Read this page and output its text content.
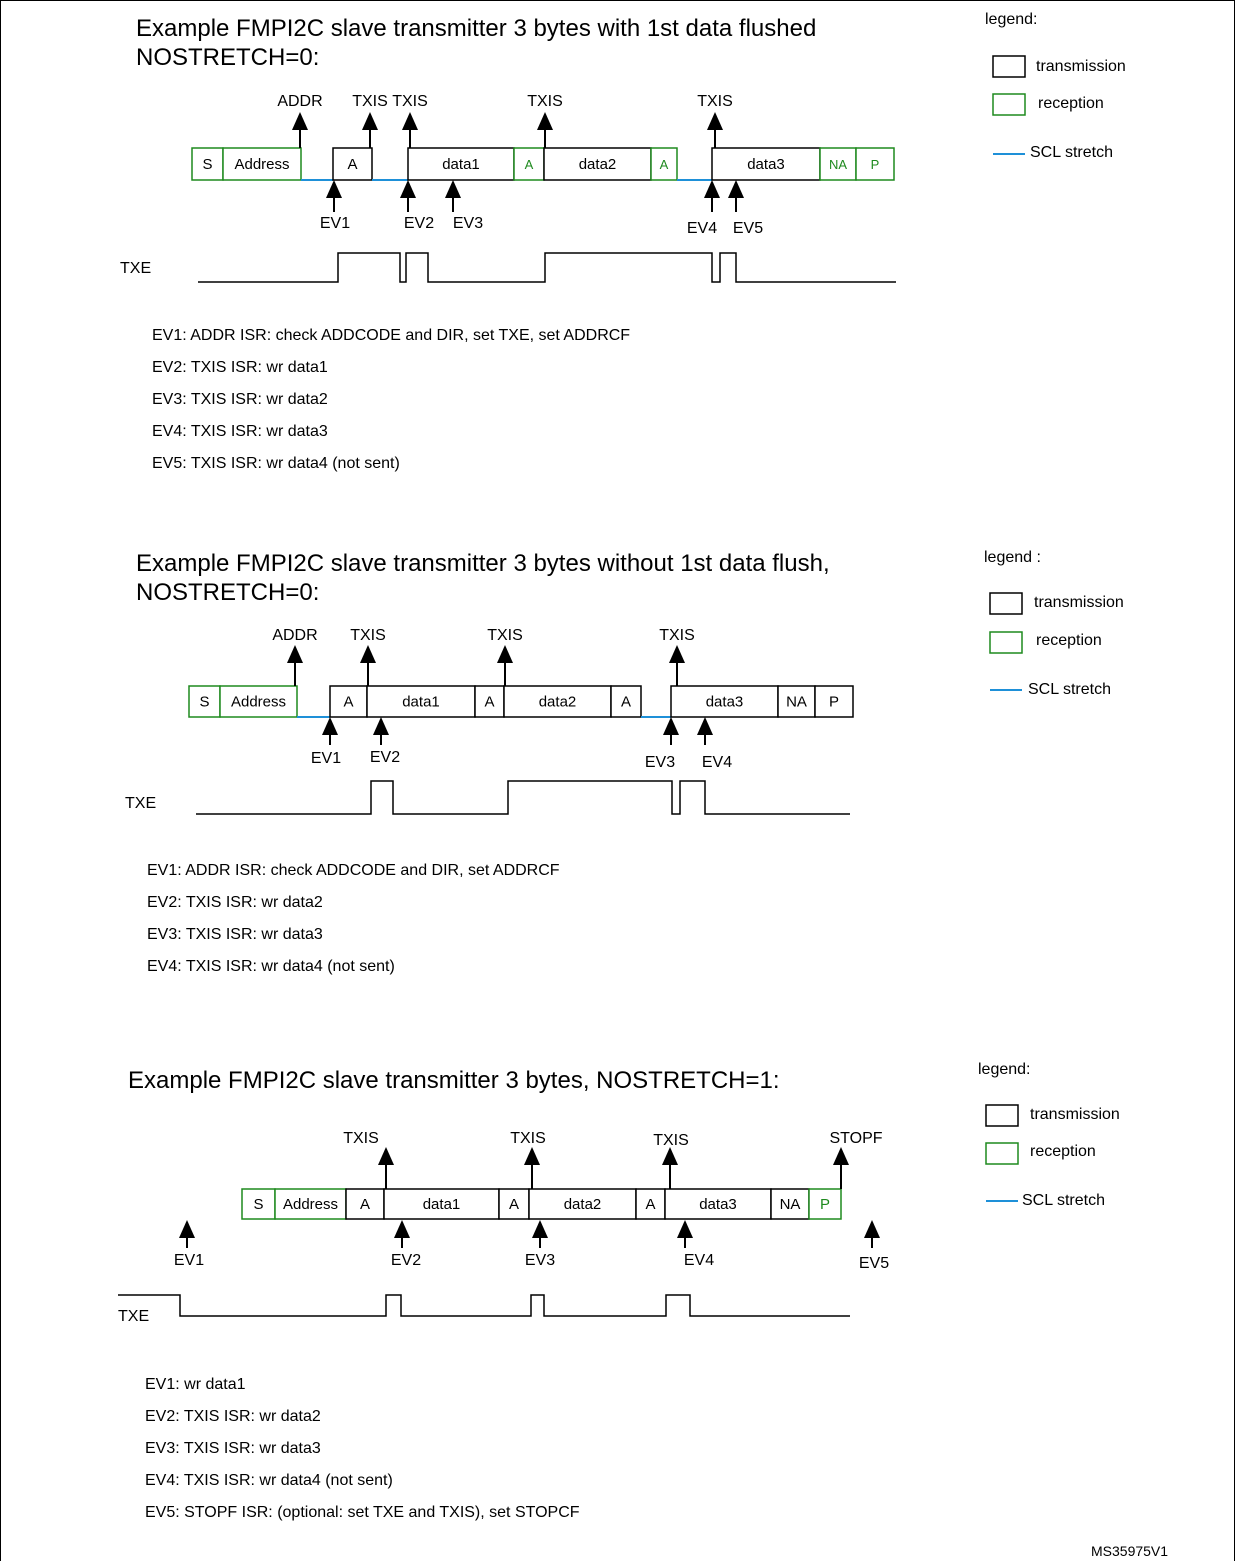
Example FMPI2C slave transmitter 3 bytes with 1st data flushed
NOSTRETCH=0:
Example FMPI2C slave transmitter 3 bytes without 1st data flush,
NOSTRETCH=0:
Example FMPI2C slave transmitter 3 bytes, NOSTRETCH=1:
legend:
transmission
reception
SCL stretch
legend :
transmission
reception
SCL stretch
legend:
transmission
reception
SCL stretch
EV1: ADDR ISR: check ADDCODE and DIR, set TXE, set ADDRCF
EV2: TXIS ISR: wr data1
EV3: TXIS ISR: wr data2
EV4: TXIS ISR: wr data3
EV5: TXIS ISR: wr data4 (not sent)
EV1: ADDR ISR: check ADDCODE and DIR, set ADDRCF
EV2: TXIS ISR: wr data2
EV3: TXIS ISR: wr data3
EV4: TXIS ISR: wr data4 (not sent)
EV1: wr data1
EV2: TXIS ISR: wr data2
EV3: TXIS ISR: wr data3
EV4: TXIS ISR: wr data4 (not sent)
EV5: STOPF ISR: (optional: set TXE and TXIS), set STOPCF
MS35975V1
S Address	A	data1	A	data2	A	data3	NA P
ADDR TXIS TXIS	TXIS	TXIS
EV1	EV2 EV3	EV4 EV5
TXE
S Address	A	data1	A	data2	A	data3	NA P
ADDR TXIS	TXIS	TXIS
EV1 EV2	EV3 EV4
TXE
S Address A	data1	A	data2	A	data3	NA P
TXIS	TXIS	TXIS	STOPF
EV1	EV2	EV3	EV4	EV5
TXE
